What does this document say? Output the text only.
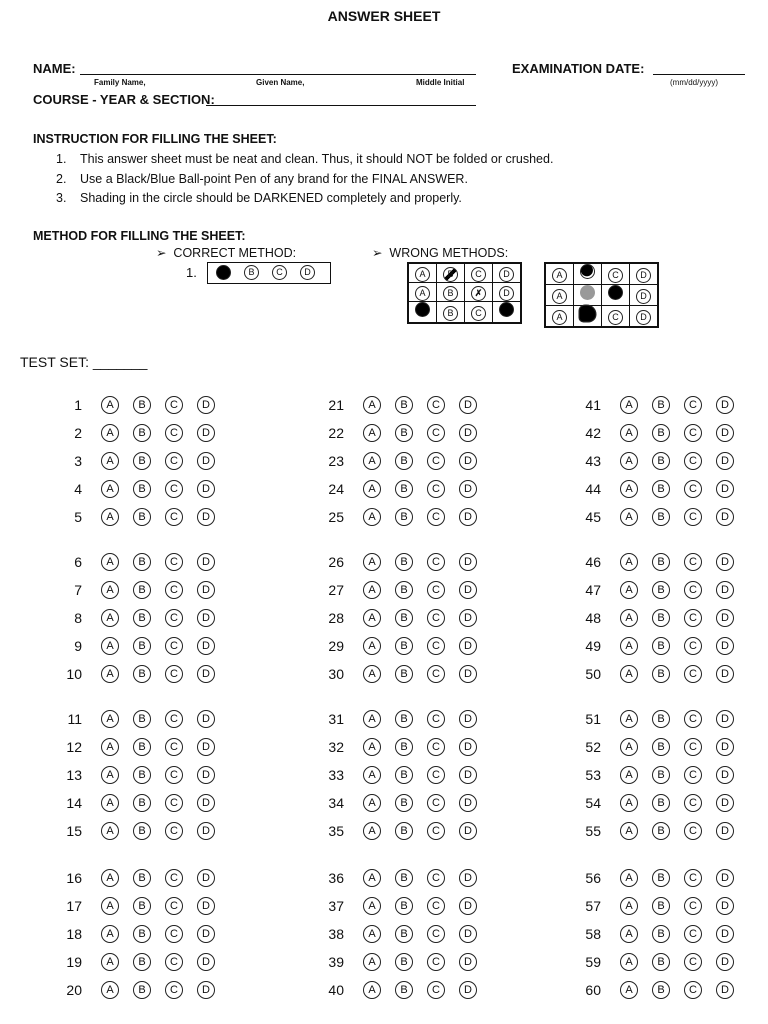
ANSWER SHEET
NAME:
Family Name,	Given Name,	Middle Initial
EXAMINATION DATE:
(mm/dd/yyyy)
COURSE - YEAR & SECTION:
INSTRUCTION FOR FILLING THE SHEET:
1. This answer sheet must be neat and clean. Thus, it should NOT be folded or crushed.
2. Use a Black/Blue Ball-point Pen of any brand for the FINAL ANSWER.
3. Shading in the circle should be DARKENED completely and properly.
METHOD FOR FILLING THE SHEET:
➢  CORRECT METHOD:	➢  WRONG METHODS:
1.	B	C	D	A	B	C	D
A	B	✗	D
	B	C	
A		C	D
A			D
A		C	D
TEST SET: _______
1	A	B	C	D
2	A	B	C	D
3	A	B	C	D
4	A	B	C	D
5	A	B	C	D
6	A	B	C	D
7	A	B	C	D
8	A	B	C	D
9	A	B	C	D
10	A	B	C	D
11	A	B	C	D
12	A	B	C	D
13	A	B	C	D
14	A	B	C	D
15	A	B	C	D
16	A	B	C	D
17	A	B	C	D
18	A	B	C	D
19	A	B	C	D
20	A	B	C	D
21	A	B	C	D
22	A	B	C	D
23	A	B	C	D
24	A	B	C	D
25	A	B	C	D
26	A	B	C	D
27	A	B	C	D
28	A	B	C	D
29	A	B	C	D
30	A	B	C	D
31	A	B	C	D
32	A	B	C	D
33	A	B	C	D
34	A	B	C	D
35	A	B	C	D
36	A	B	C	D
37	A	B	C	D
38	A	B	C	D
39	A	B	C	D
40	A	B	C	D
41	A	B	C	D
42	A	B	C	D
43	A	B	C	D
44	A	B	C	D
45	A	B	C	D
46	A	B	C	D
47	A	B	C	D
48	A	B	C	D
49	A	B	C	D
50	A	B	C	D
51	A	B	C	D
52	A	B	C	D
53	A	B	C	D
54	A	B	C	D
55	A	B	C	D
56	A	B	C	D
57	A	B	C	D
58	A	B	C	D
59	A	B	C	D
60	A	B	C	D
